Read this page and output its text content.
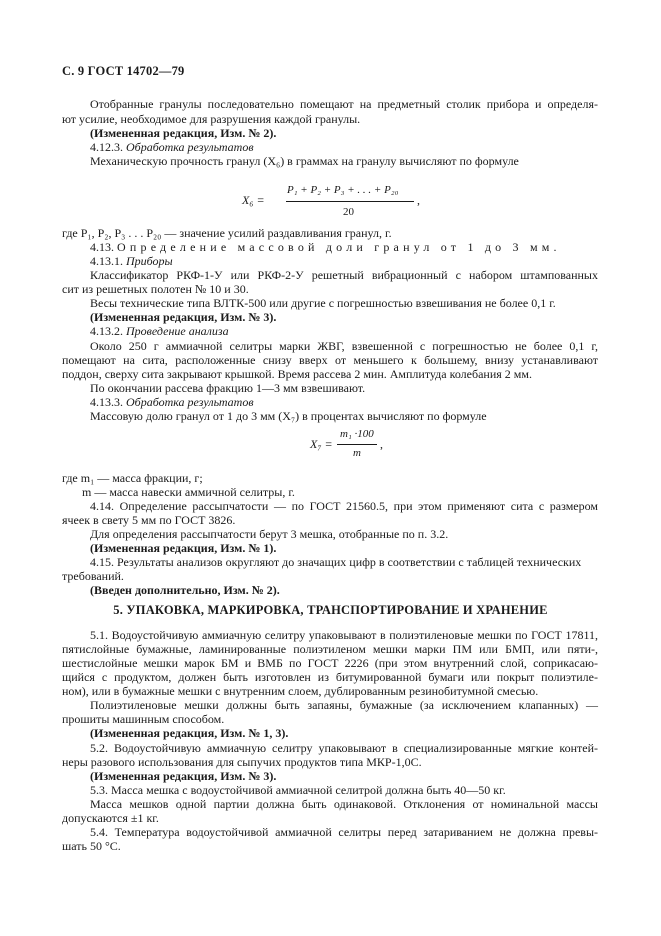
С. 9 ГОСТ 14702—79
Отобранные гранулы последовательно помещают на предметный столик прибора и определя-
ют усилие, необходимое для разрушения каждой гранулы.
(Измененная редакция, Изм. № 2).
4.12.3. Обработка результатов
Механическую прочность гранул (X₆) в граммах на гранулу вычисляют по формуле
X₆ =
P₁ + P₂ + P₃ + . . . + P₂₀
20
,
где P₁, P₂, P₃ . . . P₂₀ — значение усилий раздавливания гранул, г.
4.13. Определение массовой доли гранул от 1 до 3 мм.
4.13.1. Приборы
Классификатор РКФ-1-У или РКФ-2-У решетный вибрационный с набором штампованных
сит из решетных полотен № 10 и 30.
Весы технические типа ВЛТК-500 или другие с погрешностью взвешивания не более 0,1 г.
(Измененная редакция, Изм. № 3).
4.13.2. Проведение анализа
Около 250 г аммиачной селитры марки ЖВГ, взвешенной с погрешностью не более 0,1 г,
помещают на сита, расположенные снизу вверх от меньшего к большему, внизу устанавливают
поддон, сверху сита закрывают крышкой. Время рассева 2 мин. Амплитуда колебания 2 мм.
По окончании рассева фракцию 1—3 мм взвешивают.
4.13.3. Обработка результатов
Массовую долю гранул от 1 до 3 мм (X₇) в процентах вычисляют по формуле
X₇ =
m₁ ·100
m
,
где m₁ — масса фракции, г;
m — масса навески аммичной селитры, г.
4.14. Определение рассыпчатости — по ГОСТ 21560.5, при этом применяют сита с размером
ячеек в свету 5 мм по ГОСТ 3826.
Для определения рассыпчатости берут 3 мешка, отобранные по п. 3.2.
(Измененная редакция, Изм. № 1).
4.15. Результаты анализов округляют до значащих цифр в соответствии с таблицей технических
требований.
(Введен дополнительно, Изм. № 2).
5. УПАКОВКА, МАРКИРОВКА, ТРАНСПОРТИРОВАНИЕ И ХРАНЕНИЕ
5.1. Водоустойчивую аммиачную селитру упаковывают в полиэтиленовые мешки по ГОСТ 17811,
пятислойные бумажные, ламинированные полиэтиленом мешки марки ПМ или БМП, или пяти-,
шестислойные мешки марок БМ и ВМБ по ГОСТ 2226 (при этом внутренний слой, соприкасаю-
щийся с продуктом, должен быть изготовлен из битумированной бумаги или покрыт полиэтиле-
ном), или в бумажные мешки с внутренним слоем, дублированным резинобитумной смесью.
Полиэтиленовые мешки должны быть запаяны, бумажные (за исключением клапанных) —
прошиты машинным способом.
(Измененная редакция, Изм. № 1, 3).
5.2. Водоустойчивую аммиачную селитру упаковывают в специализированные мягкие контей-
неры разового использования для сыпучих продуктов типа МКР-1,0С.
(Измененная редакция, Изм. № 3).
5.3. Масса мешка с водоустойчивой аммиачной селитрой должна быть 40—50 кг.
Масса мешков одной партии должна быть одинаковой. Отклонения от номинальной массы
допускаются ±1 кг.
5.4. Температура водоустойчивой аммиачной селитры перед затариванием не должна превы-
шать 50 °С.
